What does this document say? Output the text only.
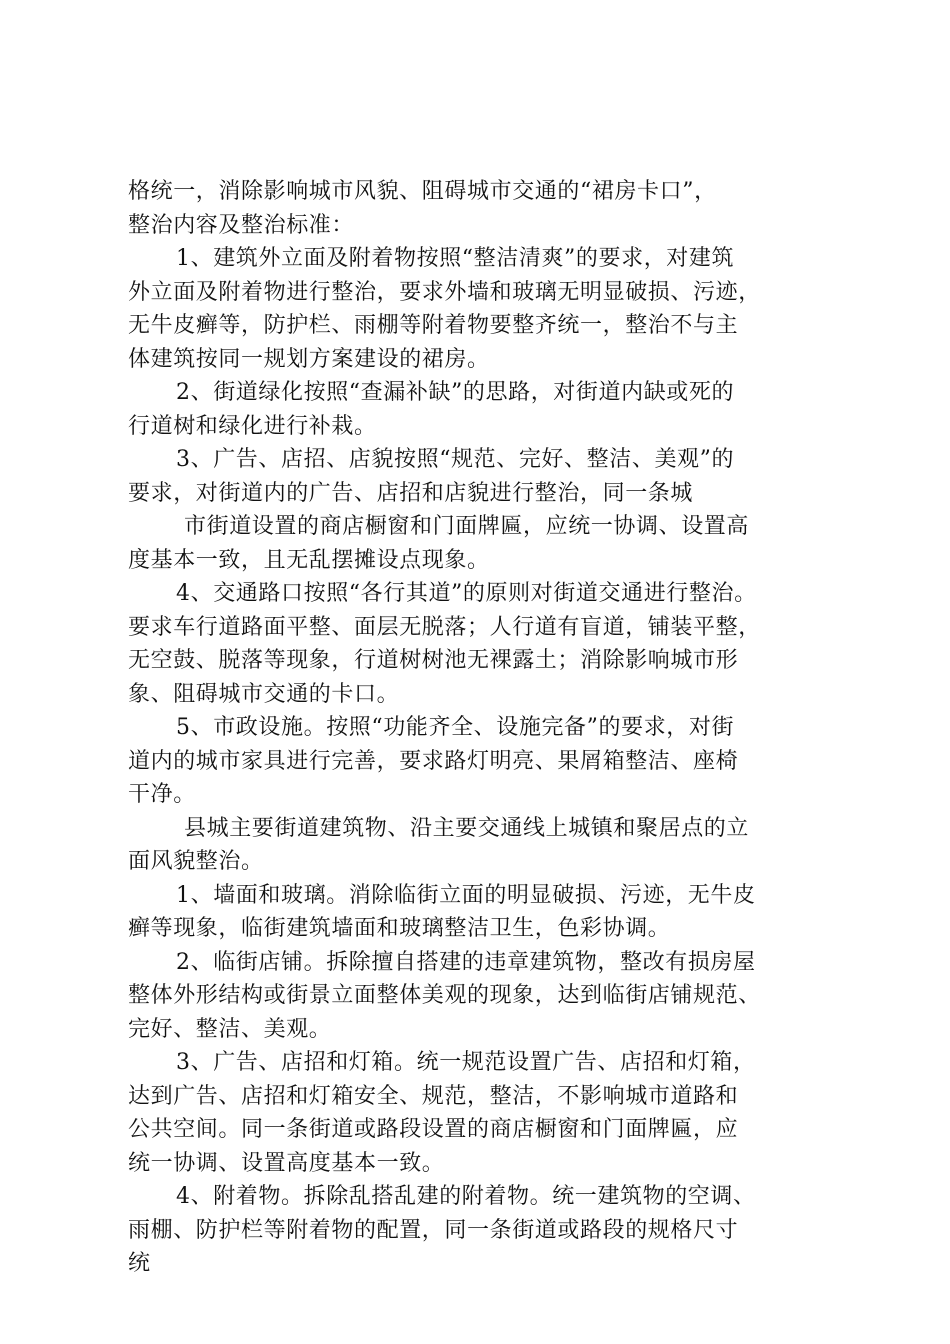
格统一，消除影响城市风貌、阻碍城市交通的“裙房卡口”，
整治内容及整治标准：
1、建筑外立面及附着物按照“整洁清爽”的要求，对建筑
外立面及附着物进行整治，要求外墙和玻璃无明显破损、污迹，
无牛皮癣等，防护栏、雨棚等附着物要整齐统一，整治不与主
体建筑按同一规划方案建设的裙房。
2、街道绿化按照“查漏补缺”的思路，对街道内缺或死的
行道树和绿化进行补栽。
3、广告、店招、店貌按照“规范、完好、整洁、美观”的
要求，对街道内的广告、店招和店貌进行整治，同一条城
市街道设置的商店橱窗和门面牌匾，应统一协调、设置高
度基本一致，且无乱摆摊设点现象。
4、交通路口按照“各行其道”的原则对街道交通进行整治。
要求车行道路面平整、面层无脱落；人行道有盲道，铺装平整，
无空鼓、脱落等现象，行道树树池无裸露土；消除影响城市形
象、阻碍城市交通的卡口。
5、市政设施。按照“功能齐全、设施完备”的要求，对街
道内的城市家具进行完善，要求路灯明亮、果屑箱整洁、座椅
干净。
县城主要街道建筑物、沿主要交通线上城镇和聚居点的立
面风貌整治。
1、墙面和玻璃。消除临街立面的明显破损、污迹，无牛皮
癣等现象，临街建筑墙面和玻璃整洁卫生，色彩协调。
2、临街店铺。拆除擅自搭建的违章建筑物，整改有损房屋
整体外形结构或街景立面整体美观的现象，达到临街店铺规范、
完好、整洁、美观。
3、广告、店招和灯箱。统一规范设置广告、店招和灯箱，
达到广告、店招和灯箱安全、规范，整洁，不影响城市道路和
公共空间。同一条街道或路段设置的商店橱窗和门面牌匾，应
统一协调、设置高度基本一致。
4、附着物。拆除乱搭乱建的附着物。统一建筑物的空调、
雨棚、防护栏等附着物的配置，同一条街道或路段的规格尺寸
统
